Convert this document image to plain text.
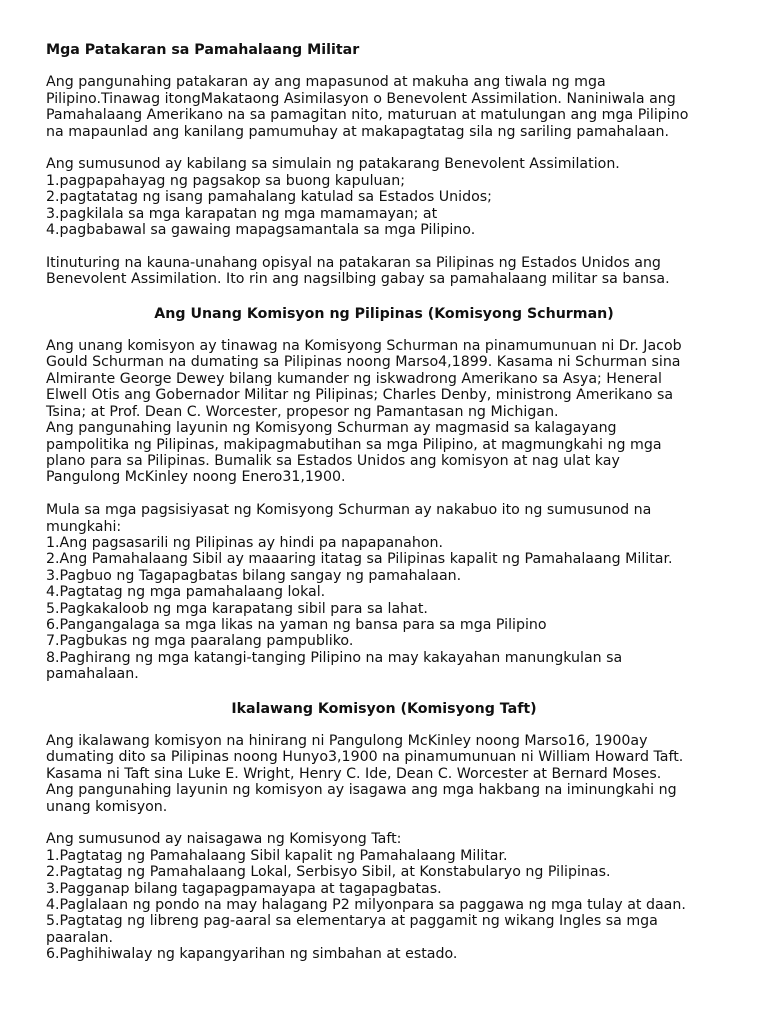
Mga Patakaran sa Pamahalaang Militar

Ang pangunahing patakaran ay ang mapasunod at makuha ang tiwala ng mga

Pilipino.Tinawag itongMakataong Asimilasyon o Benevolent Assimilation. Naniniwala ang

Pamahalaang Amerikano na sa pamagitan nito, maturuan at matulungan ang mga Pilipino

na mapaunlad ang kanilang pamumuhay at makapagtatag sila ng sariling pamahalaan.

Ang sumusunod ay kabilang sa simulain ng patakarang Benevolent Assimilation.

1.pagpapahayag ng pagsakop sa buong kapuluan;
2.pagtatatag ng isang pamahalang katulad sa Estados Unidos;
3.pagkilala sa mga karapatan ng mga mamamayan; at
4.pagbabawal sa gawaing mapagsamantala sa mga Pilipino.

Itinuturing na kauna-unahang opisyal na patakaran sa Pilipinas ng Estados Unidos ang

Benevolent Assimilation. Ito rin ang nagsilbing gabay sa pamahalaang militar sa bansa.

Ang Unang Komisyon ng Pilipinas (Komisyong Schurman)

Ang unang komisyon ay tinawag na Komisyong Schurman na pinamumunuan ni Dr. Jacob

Gould Schurman na dumating sa Pilipinas noong Marso4,1899. Kasama ni Schurman sina

Almirante George Dewey bilang kumander ng iskwadrong Amerikano sa Asya; Heneral

Elwell Otis ang Gobernador Militar ng Pilipinas; Charles Denby, ministrong Amerikano sa

Tsina; at Prof. Dean C. Worcester, propesor ng Pamantasan ng Michigan.

Ang pangunahing layunin ng Komisyong Schurman ay magmasid sa kalagayang

pampolitika ng Pilipinas, makipagmabutihan sa mga Pilipino, at magmungkahi ng mga

plano para sa Pilipinas. Bumalik sa Estados Unidos ang komisyon at nag ulat kay

Pangulong McKinley noong Enero31,1900.

Mula sa mga pagsisiyasat ng Komisyong Schurman ay nakabuo ito ng sumusunod na

mungkahi:

1.Ang pagsasarili ng Pilipinas ay hindi pa napapanahon.
2.Ang Pamahalaang Sibil ay maaaring itatag sa Pilipinas kapalit ng Pamahalaang Militar.
3.Pagbuo ng Tagapagbatas bilang sangay ng pamahalaan.
4.Pagtatag ng mga pamahalaang lokal.
5.Pagkakaloob ng mga karapatang sibil para sa lahat.
6.Pangangalaga sa mga likas na yaman ng bansa para sa mga Pilipino
7.Pagbukas ng mga paaralang pampubliko.
8.Paghirang ng mga katangi-tanging Pilipino na may kakayahan manungkulan sa
pamahalaan.
Ikalawang Komisyon (Komisyong Taft)

Ang ikalawang komisyon na hinirang ni Pangulong McKinley noong Marso16, 1900ay

dumating dito sa Pilipinas noong Hunyo3,1900 na pinamumunuan ni William Howard Taft.

Kasama ni Taft sina Luke E. Wright, Henry C. Ide, Dean C. Worcester at Bernard Moses.

Ang pangunahing layunin ng komisyon ay isagawa ang mga hakbang na iminungkahi ng

unang komisyon.

Ang sumusunod ay naisagawa ng Komisyong Taft:

1.Pagtatag ng Pamahalaang Sibil kapalit ng Pamahalaang Militar.
2.Pagtatag ng Pamahalaang Lokal, Serbisyo Sibil, at Konstabularyo ng Pilipinas.
3.Pagganap bilang tagapagpamayapa at tagapagbatas.
4.Paglalaan ng pondo na may halagang P2 milyonpara sa paggawa ng mga tulay at daan.
5.Pagtatag ng libreng pag-aaral sa elementarya at paggamit ng wikang Ingles sa mga
paaralan.
6.Paghihiwalay ng kapangyarihan ng simbahan at estado.
